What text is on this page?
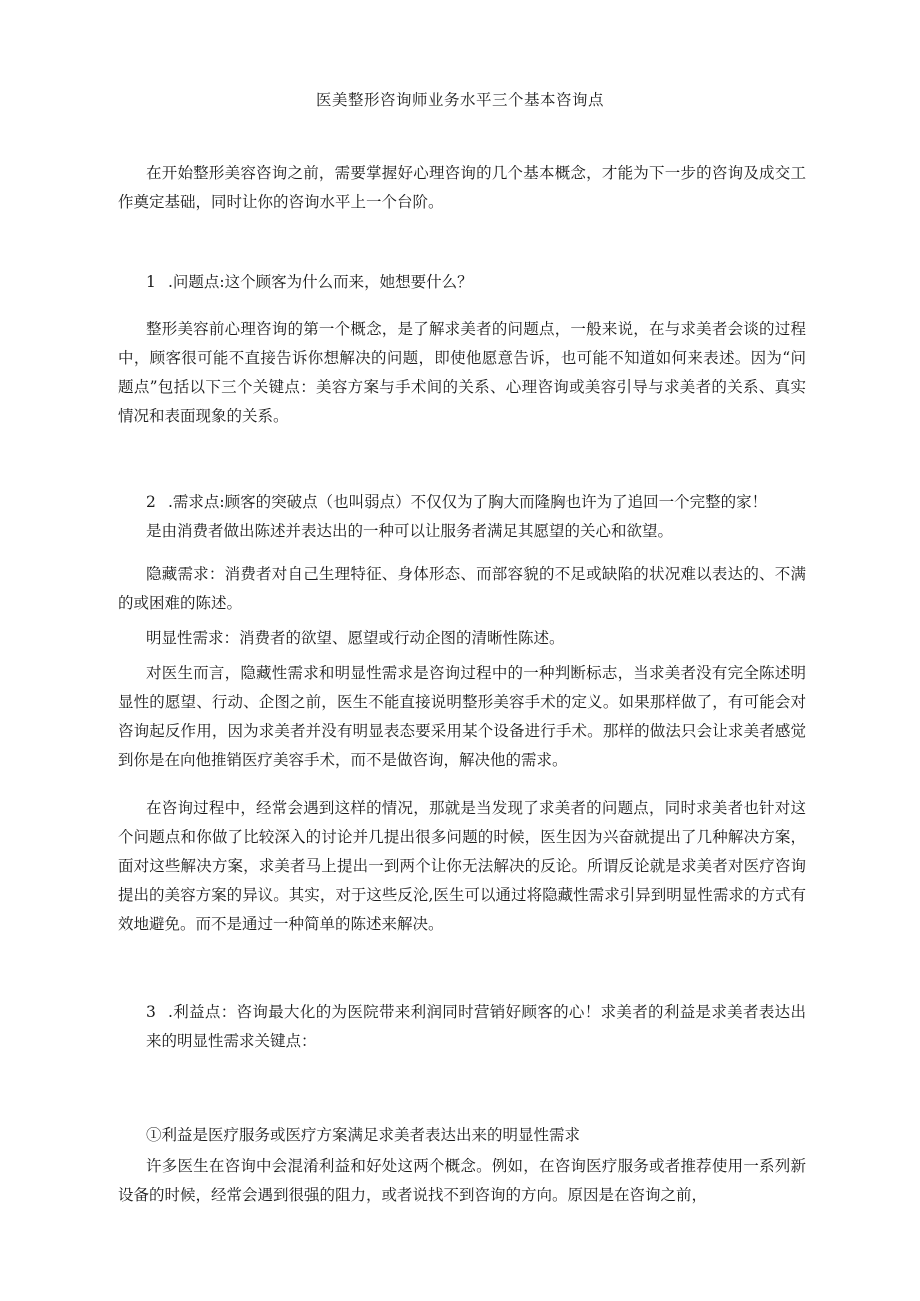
医美整形咨询师业务水平三个基本咨询点
在开始整形美容咨询之前，需要掌握好心理咨询的几个基本概念，才能为下一步的咨询及成交工作奠定基础，同时让你的咨询水平上一个台阶。
1 .问题点:这个顾客为什么而来，她想要什么？
整形美容前心理咨询的第一个概念，是了解求美者的问题点，一般来说，在与求美者会谈的过程中，顾客很可能不直接告诉你想解决的问题，即使他愿意告诉，也可能不知道如何来表述。因为“问题点”包括以下三个关键点：美容方案与手术间的关系、心理咨询或美容引导与求美者的关系、真实情况和表面现象的关系。
2 .需求点:顾客的突破点（也叫弱点）不仅仅为了胸大而隆胸也许为了追回一个完整的家！
是由消费者做出陈述并表达出的一种可以让服务者满足其愿望的关心和欲望。
隐藏需求：消费者对自己生理特征、身体形态、而部容貌的不足或缺陷的状况难以表达的、不满的或困难的陈述。
明显性需求：消费者的欲望、愿望或行动企图的清晰性陈述。
对医生而言，隐藏性需求和明显性需求是咨询过程中的一种判断标志，当求美者没有完全陈述明显性的愿望、行动、企图之前，医生不能直接说明整形美容手术的定义。如果那样做了，有可能会对咨询起反作用，因为求美者并没有明显表态要采用某个设备进行手术。那样的做法只会让求美者感觉到你是在向他推销医疗美容手术，而不是做咨询，解决他的需求。
在咨询过程中，经常会遇到这样的情况，那就是当发现了求美者的问题点，同时求美者也针对这个问题点和你做了比较深入的讨论并几提出很多问题的时候，医生因为兴奋就提出了几种解决方案，面对这些解决方案，求美者马上提出一到两个让你无法解决的反论。所谓反论就是求美者对医疗咨询提出的美容方案的异议。其实，对于这些反沦,医生可以通过将隐藏性需求引异到明显性需求的方式有效地避免。而不是通过一种简单的陈述来解决。
3 .利益点：咨询最大化的为医院带来利润同时营销好顾客的心！求美者的利益是求美者表达出来的明显性需求关键点：
①利益是医疗服务或医疗方案满足求美者表达出来的明显性需求
许多医生在咨询中会混淆利益和好处这两个概念。例如，在咨询医疗服务或者推荐使用一系列新设备的时候，经常会遇到很强的阻力，或者说找不到咨询的方向。原因是在咨询之前，
